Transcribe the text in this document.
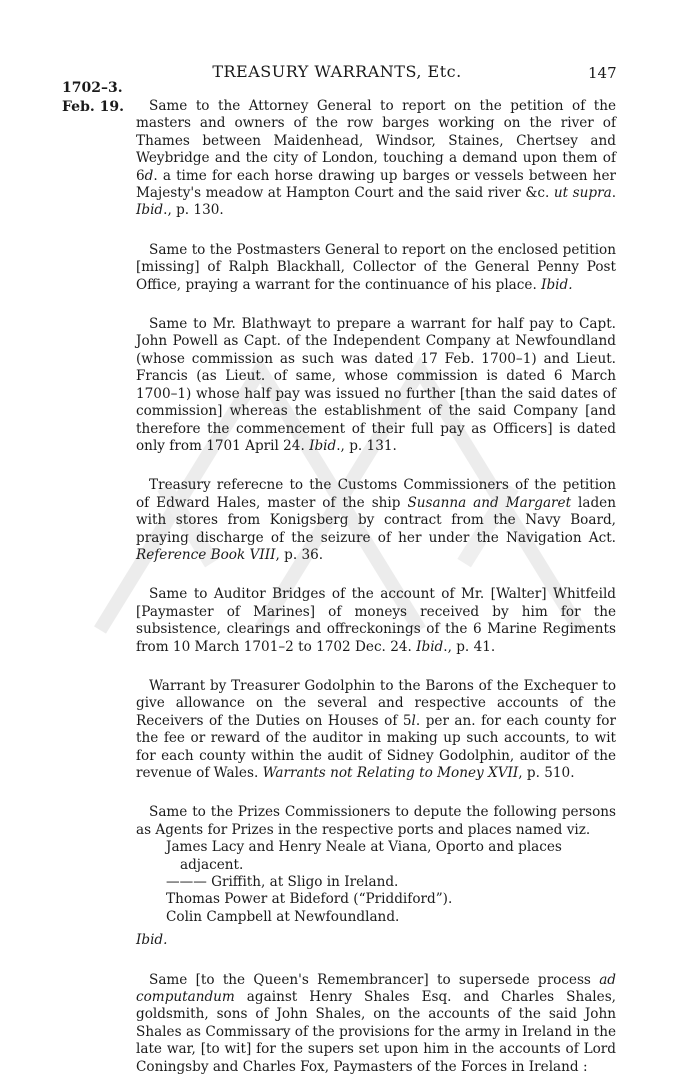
TREASURY WARRANTS, Etc.	147
1702–3.
Feb. 19.	Same to the Attorney General to report on the petition of the masters and owners of the row barges working on the river of Thames between Maidenhead, Windsor, Staines, Chertsey and Weybridge and the city of London, touching a demand upon them of 6d. a time for each horse drawing up barges or vessels between her Majesty's meadow at Hampton Court and the said river &c. ut supra. Ibid., p. 130.

Same to the Postmasters General to report on the enclosed petition [missing] of Ralph Blackhall, Collector of the General Penny Post Office, praying a warrant for the continuance of his place. Ibid.

Same to Mr. Blathwayt to prepare a warrant for half pay to Capt. John Powell as Capt. of the Independent Company at Newfoundland (whose commission as such was dated 17 Feb. 1700–1) and Lieut. Francis (as Lieut. of same, whose commission is dated 6 March 1700–1) whose half pay was issued no further [than the said dates of commission] whereas the establishment of the said Company [and therefore the commencement of their full pay as Officers] is dated only from 1701 April 24. Ibid., p. 131.

Treasury referecne to the Customs Commissioners of the petition of Edward Hales, master of the ship Susanna and Margaret laden with stores from Konigsberg by contract from the Navy Board, praying discharge of the seizure of her under the Navigation Act. Reference Book VIII, p. 36.

Same to Auditor Bridges of the account of Mr. [Walter] Whitfeild [Paymaster of Marines] of moneys received by him for the subsistence, clearings and offreckonings of the 6 Marine Regiments from 10 March 1701–2 to 1702 Dec. 24. Ibid., p. 41.

Warrant by Treasurer Godolphin to the Barons of the Exchequer to give allowance on the several and respective accounts of the Receivers of the Duties on Houses of 5l. per an. for each county for the fee or reward of the auditor in making up such accounts, to wit for each county within the audit of Sidney Godolphin, auditor of the revenue of Wales. Warrants not Relating to Money XVII, p. 510.

Same to the Prizes Commissioners to depute the following persons as Agents for Prizes in the respective ports and places named viz.

James Lacy and Henry Neale at Viana, Oporto and places adjacent.

——— Griffith, at Sligo in Ireland.

Thomas Power at Bideford (“Priddiford”).

Colin Campbell at Newfoundland.

Ibid.

Same [to the Queen's Remembrancer] to supersede process ad computandum against Henry Shales Esq. and Charles Shales, goldsmith, sons of John Shales, on the accounts of the said John Shales as Commissary of the provisions for the army in Ireland in the late war, [to wit] for the supers set upon him in the accounts of Lord Coningsby and Charles Fox, Paymasters of the Forces in Ireland :
